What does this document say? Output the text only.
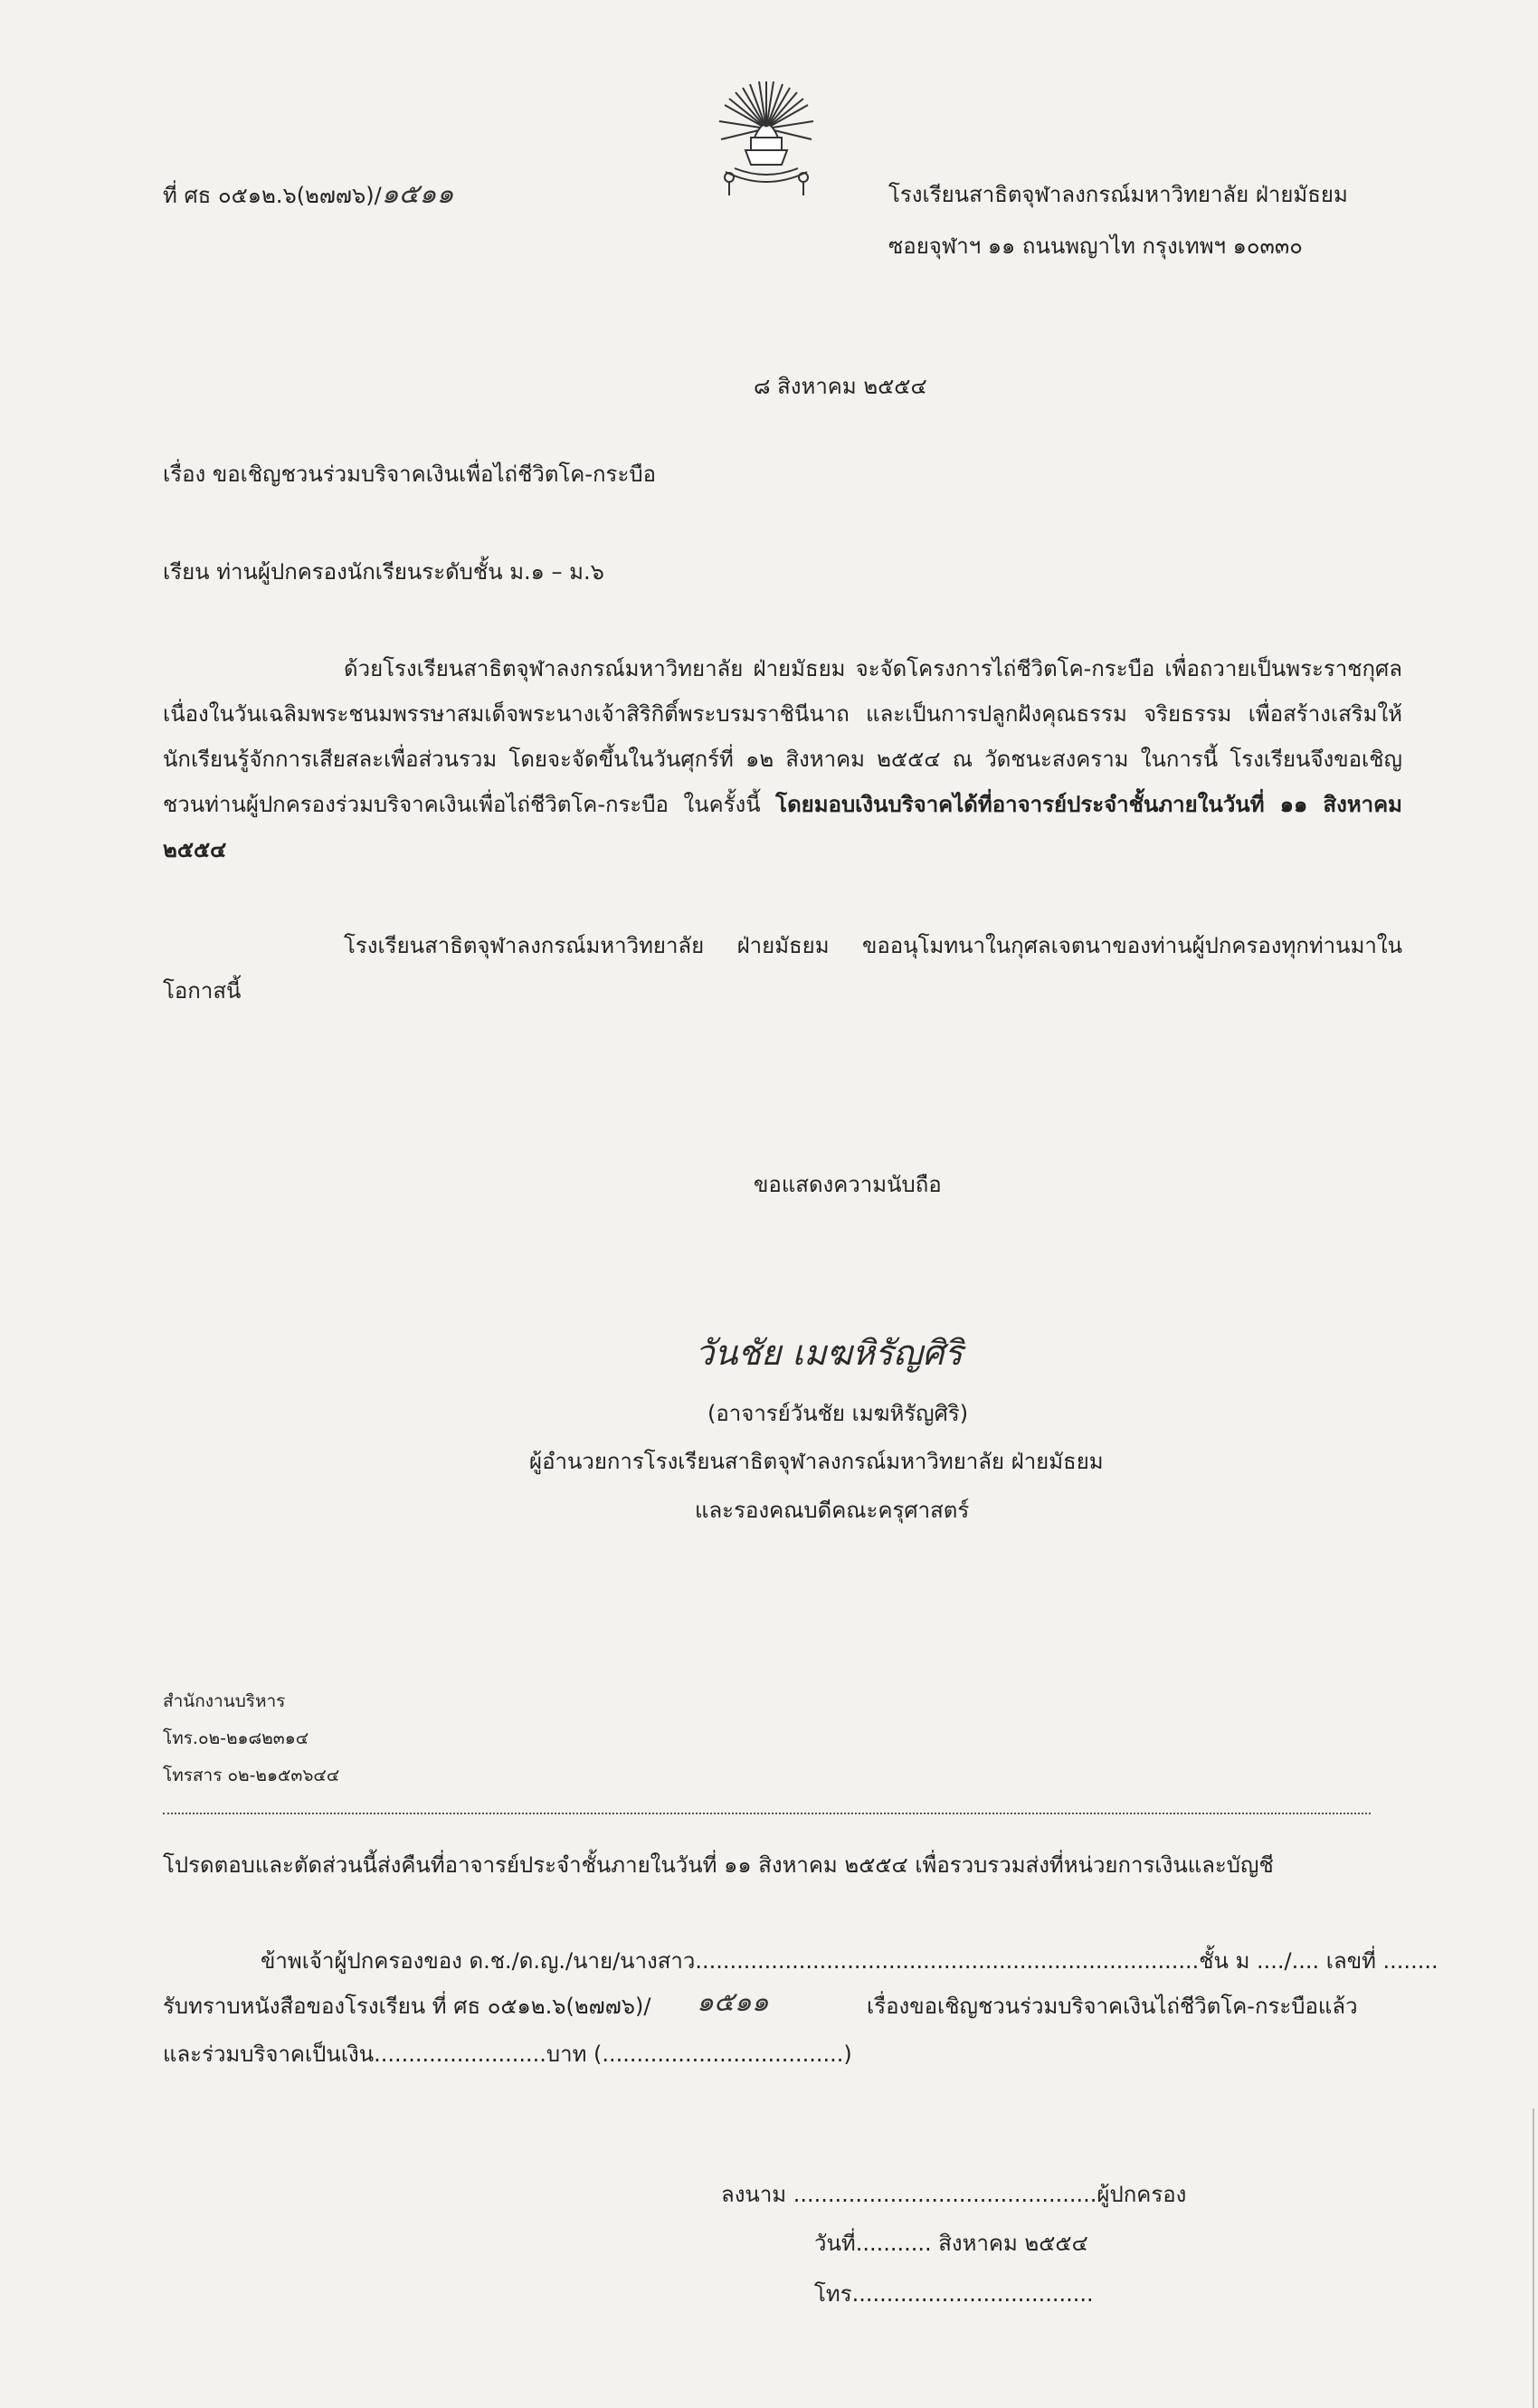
ที่ ศธ ๐๕๑๒.๖(๒๗๗๖)/๑๕๑๑	โรงเรียนสาธิตจุฬาลงกรณ์มหาวิทยาลัย ฝ่ายมัธยม
ซอยจุฬาฯ ๑๑ ถนนพญาไท กรุงเทพฯ ๑๐๓๓๐
๘ สิงหาคม ๒๕๕๔
เรื่อง ขอเชิญชวนร่วมบริจาคเงินเพื่อไถ่ชีวิตโค-กระบือ
เรียน ท่านผู้ปกครองนักเรียนระดับชั้น ม.๑ – ม.๖
ด้วยโรงเรียนสาธิตจุฬาลงกรณ์มหาวิทยาลัย ฝ่ายมัธยม จะจัดโครงการไถ่ชีวิตโค-กระบือ เพื่อถวายเป็นพระราชกุศลเนื่องในวันเฉลิมพระชนมพรรษาสมเด็จพระนางเจ้าสิริกิติ์พระบรมราชินีนาถ และเป็นการปลูกฝังคุณธรรม จริยธรรม เพื่อสร้างเสริมให้นักเรียนรู้จักการเสียสละเพื่อส่วนรวม โดยจะจัดขึ้นในวันศุกร์ที่ ๑๒ สิงหาคม ๒๕๕๔ ณ วัดชนะสงคราม ในการนี้ โรงเรียนจึงขอเชิญชวนท่านผู้ปกครองร่วมบริจาคเงินเพื่อไถ่ชีวิตโค-กระบือ ในครั้งนี้ โดยมอบเงินบริจาคได้ที่อาจารย์ประจำชั้นภายในวันที่ ๑๑ สิงหาคม ๒๕๕๔
โรงเรียนสาธิตจุฬาลงกรณ์มหาวิทยาลัย ฝ่ายมัธยม ขออนุโมทนาในกุศลเจตนาของท่านผู้ปกครองทุกท่านมาในโอกาสนี้
ขอแสดงความนับถือ
วันชัย เมฆหิรัญศิริ
(อาจารย์วันชัย เมฆหิรัญศิริ)
ผู้อำนวยการโรงเรียนสาธิตจุฬาลงกรณ์มหาวิทยาลัย ฝ่ายมัธยม
และรองคณบดีคณะครุศาสตร์
สำนักงานบริหาร
โทร.๐๒-๒๑๘๒๓๑๔
โทรสาร ๐๒-๒๑๕๓๖๔๔
โปรดตอบและตัดส่วนนี้ส่งคืนที่อาจารย์ประจำชั้นภายในวันที่ ๑๑ สิงหาคม ๒๕๕๔ เพื่อรวบรวมส่งที่หน่วยการเงินและบัญชี
ข้าพเจ้าผู้ปกครองของ ด.ช./ด.ญ./นาย/นางสาว.........................................................................ชั้น ม ..../.... เลขที่ ........
รับทราบหนังสือของโรงเรียน ที่ ศธ ๐๕๑๒.๖(๒๗๗๖)/ ๑๕๑๑	เรื่องขอเชิญชวนร่วมบริจาคเงินไถ่ชีวิตโค-กระบือแล้ว
และร่วมบริจาคเป็นเงิน.........................บาท (...................................)
ลงนาม ............................................ผู้ปกครอง
วันที่........... สิงหาคม ๒๕๕๔
โทร...................................
